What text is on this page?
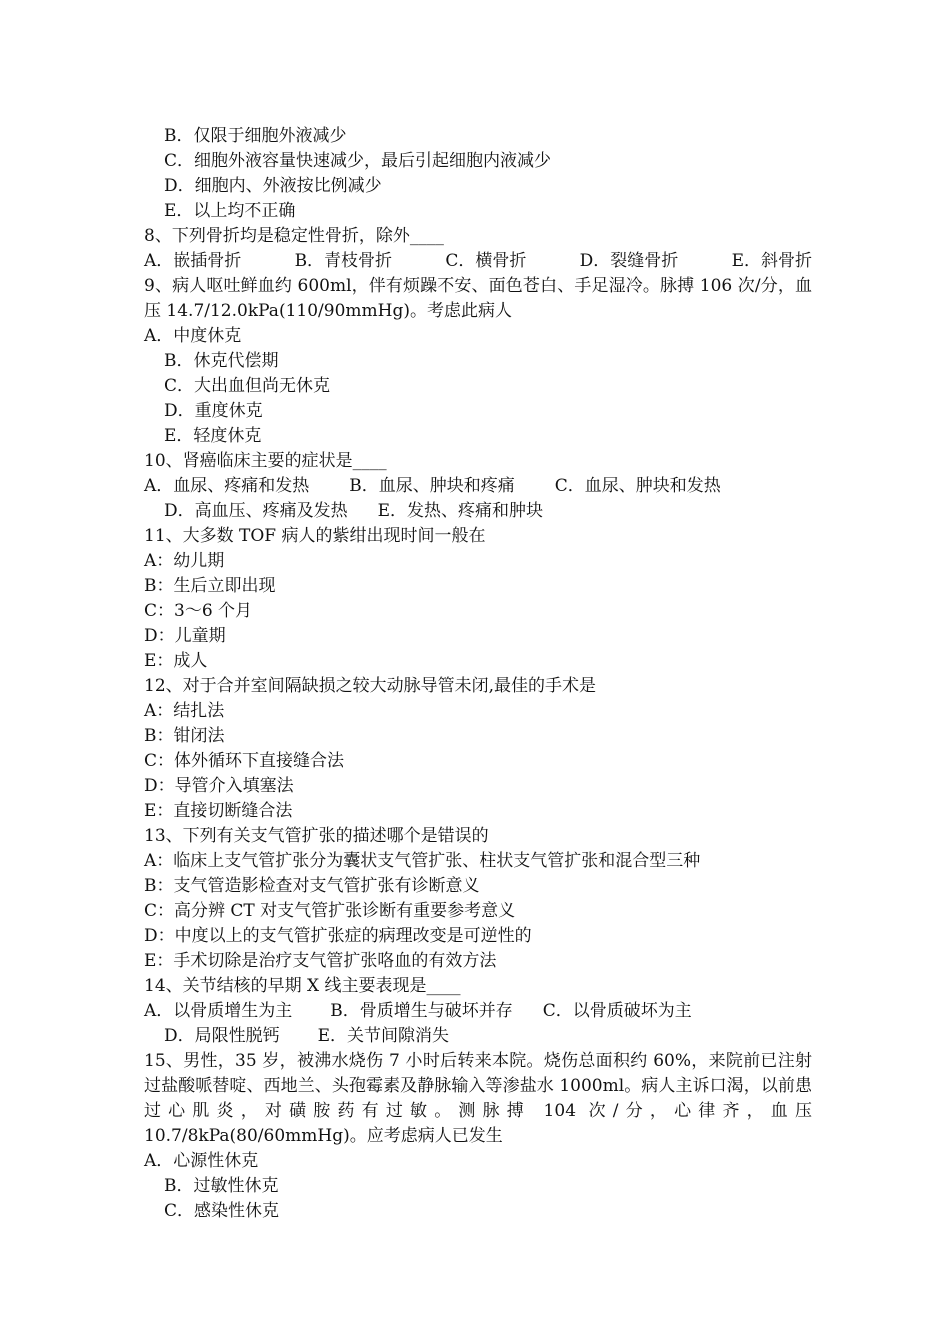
B．仅限于细胞外液减少
C．细胞外液容量快速减少，最后引起细胞内液减少
D．细胞内、外液按比例减少
E．以上均不正确
8、下列骨折均是稳定性骨折，除外____
A．嵌插骨折	B．青枝骨折	C．横骨折	D．裂缝骨折	E．斜骨折
9、病人呕吐鲜血约 600ml，伴有烦躁不安、面色苍白、手足湿冷。脉搏 106 次/分，血压 14.7/12.0kPa(110/90mmHg)。考虑此病人
A．中度休克
B．休克代偿期
C．大出血但尚无休克
D．重度休克
E．轻度休克
10、肾癌临床主要的症状是____
A．血尿、疼痛和发热 B．血尿、肿块和疼痛 C．血尿、肿块和发热
D．高血压、疼痛及发热 E．发热、疼痛和肿块
11、大多数 TOF 病人的紫绀出现时间一般在
A：幼儿期
B：生后立即出现
C：3～6 个月
D：儿童期
E：成人
12、对于合并室间隔缺损之较大动脉导管未闭,最佳的手术是
A：结扎法
B：钳闭法
C：体外循环下直接缝合法
D：导管介入填塞法
E：直接切断缝合法
13、下列有关支气管扩张的描述哪个是错误的
A：临床上支气管扩张分为囊状支气管扩张、柱状支气管扩张和混合型三种
B：支气管造影检查对支气管扩张有诊断意义
C：高分辨 CT 对支气管扩张诊断有重要参考意义
D：中度以上的支气管扩张症的病理改变是可逆性的
E：手术切除是治疗支气管扩张咯血的有效方法
14、关节结核的早期 X 线主要表现是____
A．以骨质增生为主 B．骨质增生与破坏并存 C．以骨质破坏为主
D．局限性脱钙 E．关节间隙消失
15、男性，35 岁，被沸水烧伤 7 小时后转来本院。烧伤总面积约 60%，来院前已注射过盐酸哌替啶、西地兰、头孢霉素及静脉输入等渗盐水 1000ml。病人主诉口渴，以前患过心肌炎，对磺胺药有过敏。测脉搏 104 次/分，心律齐，血压 10.7/8kPa(80/60mmHg)。应考虑病人已发生
A．心源性休克
B．过敏性休克
C．感染性休克
